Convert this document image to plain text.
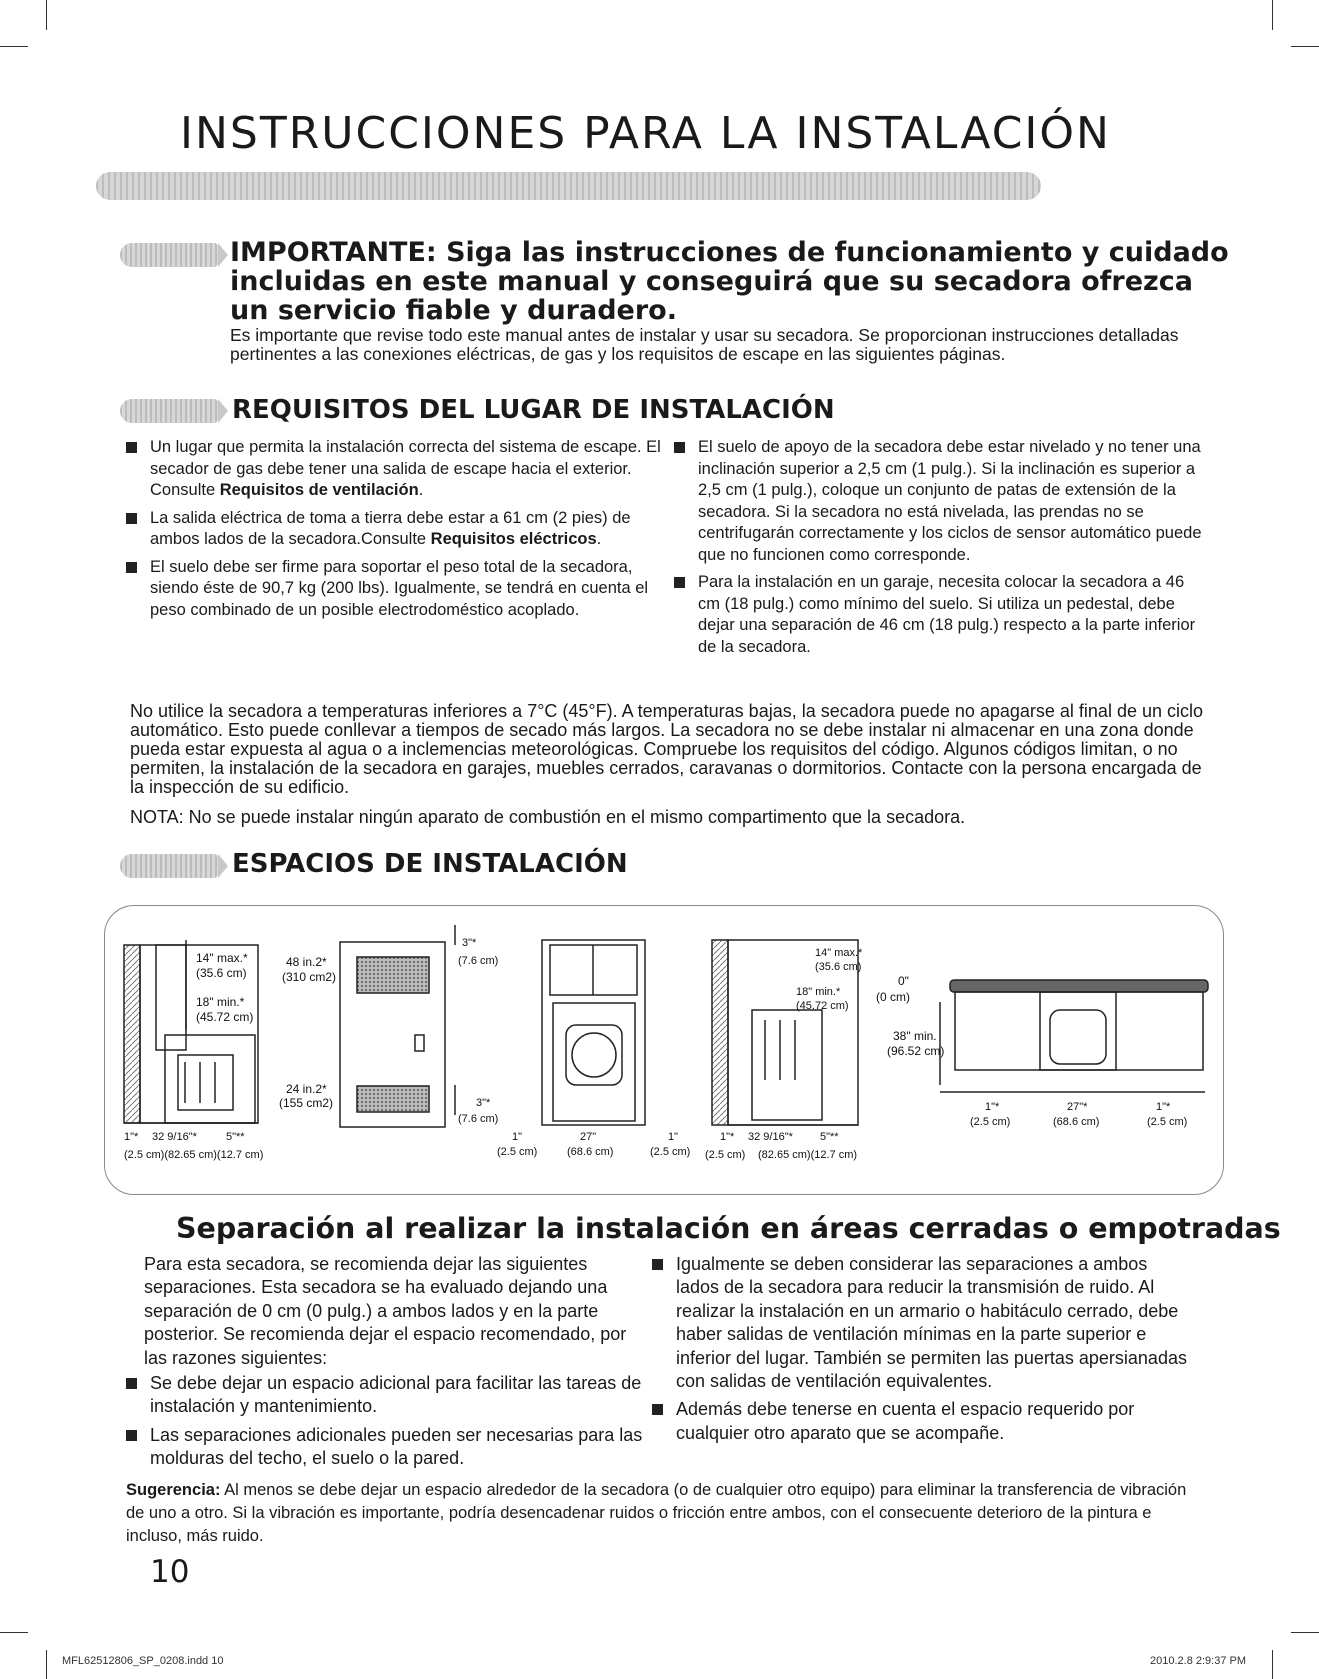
INSTRUCCIONES PARA LA INSTALACIÓN
IMPORTANTE: Siga las instrucciones de funcionamiento y cuidado incluidas en este manual y conseguirá que su secadora ofrezca un servicio fiable y duradero.
Es importante que revise todo este manual antes de instalar y usar su secadora. Se proporcionan instrucciones detalladas pertinentes a las conexiones eléctricas, de gas y los requisitos de escape en las siguientes páginas.
REQUISITOS DEL LUGAR DE INSTALACIÓN

Un lugar que permita la instalación correcta del sistema de escape. El secador de gas debe tener una salida de escape hacia el exterior. Consulte Requisitos de ventilación.

La salida eléctrica de toma a tierra debe estar a 61 cm (2 pies) de ambos lados de la secadora.Consulte Requisitos eléctricos.

El suelo debe ser firme para soportar el peso total de la secadora, siendo éste de 90,7 kg (200 lbs). Igualmente, se tendrá en cuenta el peso combinado de un posible electrodoméstico acoplado.

El suelo de apoyo de la secadora debe estar nivelado y no tener una inclinación superior a 2,5 cm (1 pulg.). Si la inclinación es superior a 2,5 cm (1 pulg.), coloque un conjunto de patas de extensión de la secadora. Si la secadora no está nivelada, las prendas no se centrifugarán correctamente y los ciclos de sensor automático puede que no funcionen como corresponde.

Para la instalación en un garaje, necesita colocar la secadora a 46 cm (18 pulg.) como mínimo del suelo. Si utiliza un pedestal, debe dejar una separación de 46 cm (18 pulg.) respecto a la parte inferior de la secadora.

No utilice la secadora a temperaturas inferiores a 7°C (45°F). A temperaturas bajas, la secadora puede no apagarse al final de un ciclo automático. Esto puede conllevar a tiempos de secado más largos. La secadora no se debe instalar ni almacenar en una zona donde pueda estar expuesta al agua o a inclemencias meteorológicas. Compruebe los requisitos del código. Algunos códigos limitan, o no permiten, la instalación de la secadora en garajes, muebles cerrados, caravanas o dormitorios. Contacte con la persona encargada de la inspección de su edificio.
NOTA: No se puede instalar ningún aparato de combustión en el mismo compartimento que la secadora.
ESPACIOS DE INSTALACIÓN
14" max.*
(35.6 cm)
18" min.*
(45.72 cm)
48 in.2*
(310 cm2)
1"* 32 9/16"*	5"**
(2.5 cm)(82.65 cm)(12.7 cm)
3"*
(7.6 cm)
24 in.2*
(155 cm2)	3"*
(7.6 cm)
1"	27"	1"
(2.5 cm)	(68.6 cm)	(2.5 cm)
14" max.*
(35.6 cm)
18" min.*
(45.72 cm)
1"* 32 9/16"* 5"**
(2.5 cm) (82.65 cm)(12.7 cm)
0"
(0 cm)
38" min.
(96.52 cm)
1"*	27"*	1"*
(2.5 cm)	(68.6 cm)	(2.5 cm)
Separación al realizar la instalación en áreas cerradas o empotradas
Para esta secadora, se recomienda dejar las siguientes separaciones. Esta secadora se ha evaluado dejando una separación de 0 cm (0 pulg.) a ambos lados y en la parte posterior. Se recomienda dejar el espacio recomendado, por las razones siguientes:

Se debe dejar un espacio adicional para facilitar las tareas de instalación y mantenimiento.

Las separaciones adicionales pueden ser necesarias para las molduras del techo, el suelo o la pared.

Igualmente se deben considerar las separaciones a ambos lados de la secadora para reducir la transmisión de ruido. Al realizar la instalación en un armario o habitáculo cerrado, debe haber salidas de ventilación mínimas en la parte superior e inferior del lugar. También se permiten las puertas apersianadas con salidas de ventilación equivalentes.

Además debe tenerse en cuenta el espacio requerido por cualquier otro aparato que se acompañe.

Sugerencia: Al menos se debe dejar un espacio alrededor de la secadora (o de cualquier otro equipo) para eliminar la transferencia de vibración de uno a otro. Si la vibración es importante, podría desencadenar ruidos o fricción entre ambos, con el consecuente deterioro de la pintura e incluso, más ruido.
10
MFL62512806_SP_0208.indd 10	2010.2.8 2:9:37 PM
